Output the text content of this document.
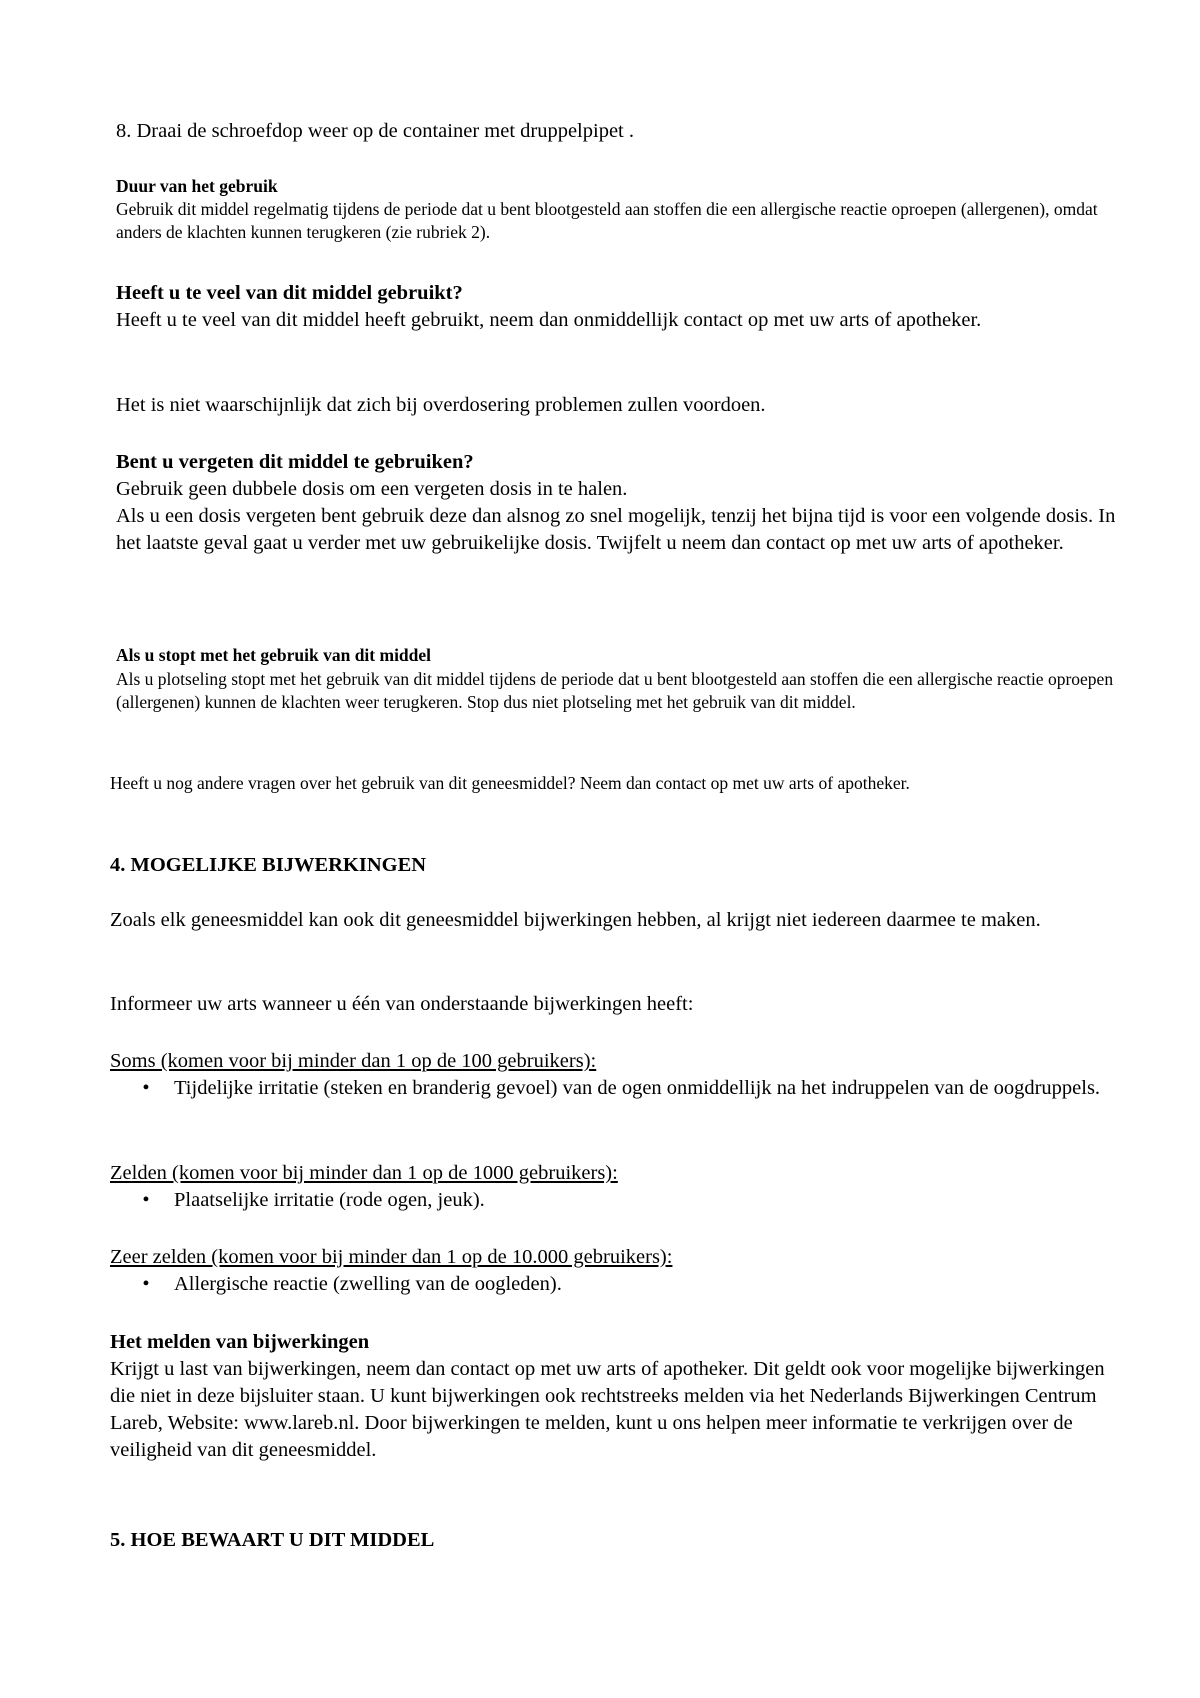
8. Draai de schroefdop weer op de container met druppelpipet .

Duur van het gebruik

Gebruik dit middel regelmatig tijdens de periode dat u bent blootgesteld aan stoffen die een allergische reactie oproepen (allergenen), omdat anders de klachten kunnen terugkeren (zie rubriek 2).

Heeft u te veel van dit middel gebruikt?

Heeft u te veel van dit middel heeft gebruikt, neem dan onmiddellijk contact op met uw arts of apotheker.

Het is niet waarschijnlijk dat zich bij overdosering problemen zullen voordoen.

Bent u vergeten dit middel te gebruiken?

Gebruik geen dubbele dosis om een vergeten dosis in te halen.

Als u een dosis vergeten bent gebruik deze dan alsnog zo snel mogelijk, tenzij het bijna tijd is voor een volgende dosis. In het laatste geval gaat u verder met uw gebruikelijke dosis. Twijfelt u neem dan contact op met uw arts of apotheker.

Als u stopt met het gebruik van dit middel

Als u plotseling stopt met het gebruik van dit middel tijdens de periode dat u bent blootgesteld aan stoffen die een allergische reactie oproepen (allergenen) kunnen de klachten weer terugkeren. Stop dus niet plotseling met het gebruik van dit middel.

Heeft u nog andere vragen over het gebruik van dit geneesmiddel? Neem dan contact op met uw arts of apotheker.

4. MOGELIJKE BIJWERKINGEN

Zoals elk geneesmiddel kan ook dit geneesmiddel bijwerkingen hebben, al krijgt niet iedereen daarmee te maken.

Informeer uw arts wanneer u één van onderstaande bijwerkingen heeft:

Soms (komen voor bij minder dan 1 op de 100 gebruikers):

•	Tijdelijke irritatie (steken en branderig gevoel) van de ogen onmiddellijk na het indruppelen van de oogdruppels.

Zelden (komen voor bij minder dan 1 op de 1000 gebruikers):

•	Plaatselijke irritatie (rode ogen, jeuk).

Zeer zelden (komen voor bij minder dan 1 op de 10.000 gebruikers):

•	Allergische reactie (zwelling van de oogleden).

Het melden van bijwerkingen

Krijgt u last van bijwerkingen, neem dan contact op met uw arts of apotheker. Dit geldt ook voor mogelijke bijwerkingen die niet in deze bijsluiter staan. U kunt bijwerkingen ook rechtstreeks melden via het Nederlands Bijwerkingen Centrum Lareb, Website: www.lareb.nl. Door bijwerkingen te melden, kunt u ons helpen meer informatie te verkrijgen over de veiligheid van dit geneesmiddel.

5. HOE BEWAART U DIT MIDDEL
